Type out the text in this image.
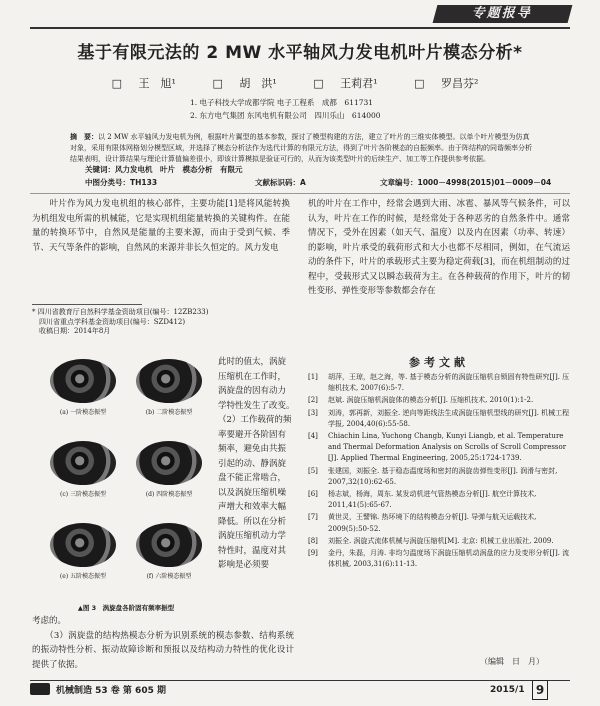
专题报导
基于有限元法的 2 MW 水平轴风力发电机叶片模态分析*
□ 王　旭¹	□ 胡　洪¹	□ 王莉君¹	□ 罗昌芬²
1. 电子科技大学成都学院 电子工程系　成都　611731
2. 东方电气集团 东风电机有限公司　四川乐山　614000
摘　要：以 2 MW 水平轴风力发电机为例，根据叶片翼型的基本参数，探讨了模型构建的方法，建立了叶片的三维实体模型。以单个叶片模型为仿真对象，采用有限体网格划分模型区域，并选择了模态分析法作为选代计算的有限元方法，得到了叶片各阶模态的自振频率。由于阵结构的同谐频率分析结果表明，设计算结果与理论计算值偏差很小，即该计算模拟是验证可行的，从而为该类型叶片的后续生产、加工等工作提供参考依据。
关键词：风力发电机　叶片　模态分析　有限元
中图分类号：TH133	文献标识码：A	文章编号：1000－4998(2015)01－0009－04
　　叶片作为风力发电机组的核心部件，主要功能[1]是将风能转换为机组发电所需的机械能，它是实现机组能量转换的关键构件。在能量的转换环节中，自然风是能量的主要来源，而由于受到气候、季节、天气等条件的影响，自然风的来源并非长久恒定的。风力发电
机的叶片在工作中，经常会遇到大雨、冰雹、暴风等气候条件，可以认为，叶片在工作的时候，是经常处于各种恶劣的自然条件中。通常情况下，受外在因素（如天气、温度）以及内在因素（功率、转速）的影响，叶片承受的载荷形式和大小也都不尽相同，例如，在气流运动的条件下，叶片的承载形式主要为稳定荷载[3]，而在机组制动的过程中，受载形式又以瞬态载荷为主。在各种载荷的作用下，叶片的韧性变形、弹性变形等参数都会存在
* 四川省教育厅自然科学基金资助项目(编号：12ZB233)
　四川省重点学科基金资助项目(编号：SZD412)
　收稿日期：2014年8月
(a) 一阶模态振型	(b) 二阶模态振型
(c) 三阶模态振型	(d) 四阶模态振型
(e) 五阶模态振型	(f) 六阶模态振型
▲图 3　涡旋盘各阶固有频率振型
此时的值太，涡旋压缩机在工作时，涡旋盘的因有动力学特性发生了改变。　（2）工作载荷的频率要避开各阶固有频率，避免由共振引起的动、静涡旋盘不能正常啮合，以及涡旋压缩机噪声增大和效率大幅降低。所以在分析涡旋压缩机动力学特性时，温度对其影响是必须要
考虑的。
　　（3）涡旋盘的结构热模态分析为识别系统的模态参数、结构系统的振动特性分析、振动故障诊断和预报以及结构动力特性的优化设计提供了依据。
参考文献
[1]	胡萍，王琼，赵之海，等. 基于模态分析的涡旋压缩机自锁固有特性研究[J]. 压缩机技术, 2007(6):5-7.
[2]	赵斌. 涡旋压缩机涡旋体的模态分析[J]. 压缩机技术, 2010(1):1-2.
[3]	刘涛，郭再新，刘振全. 逆向等距线法生成涡旋压缩机型线的研究[J]. 机械工程学报, 2004,40(6):55-58.
[4]	Chiachin Lina, Yuchong Changb, Kunyi Liangb, et al. Temperature and Thermal Deformation Analysis on Scrolls of Scroll Compressor [J]. Applied Thermal Engineering, 2005,25:1724-1739.
[5]	张建国，刘振全. 基于稳态温度场和密封的涡旋齿弹性变形[J]. 润滑与密封, 2007,32(10):62-65.
[6]	杨志斌，杨海，周东. 某发动机进气管热模态分析[J]. 航空计算技术, 2011,41(5):65-67.
[7]	黄世灵，王譬锦. 热环境下的结构模态分析[J]. 导弹与航天运载技术, 2009(5):50-52.
[8]	刘振全. 涡旋式流体机械与涡旋压缩机[M]. 北京: 机械工业出版社, 2009.
[9]	金丹，朱磊，月涛. 非均匀温度场下涡旋压缩机动涡盘的应力及变形分析[J]. 流体机械, 2003,31(6):11-13.
（编辑　日　月）
机械制造 53 卷 第 605 期	2015/1 9
